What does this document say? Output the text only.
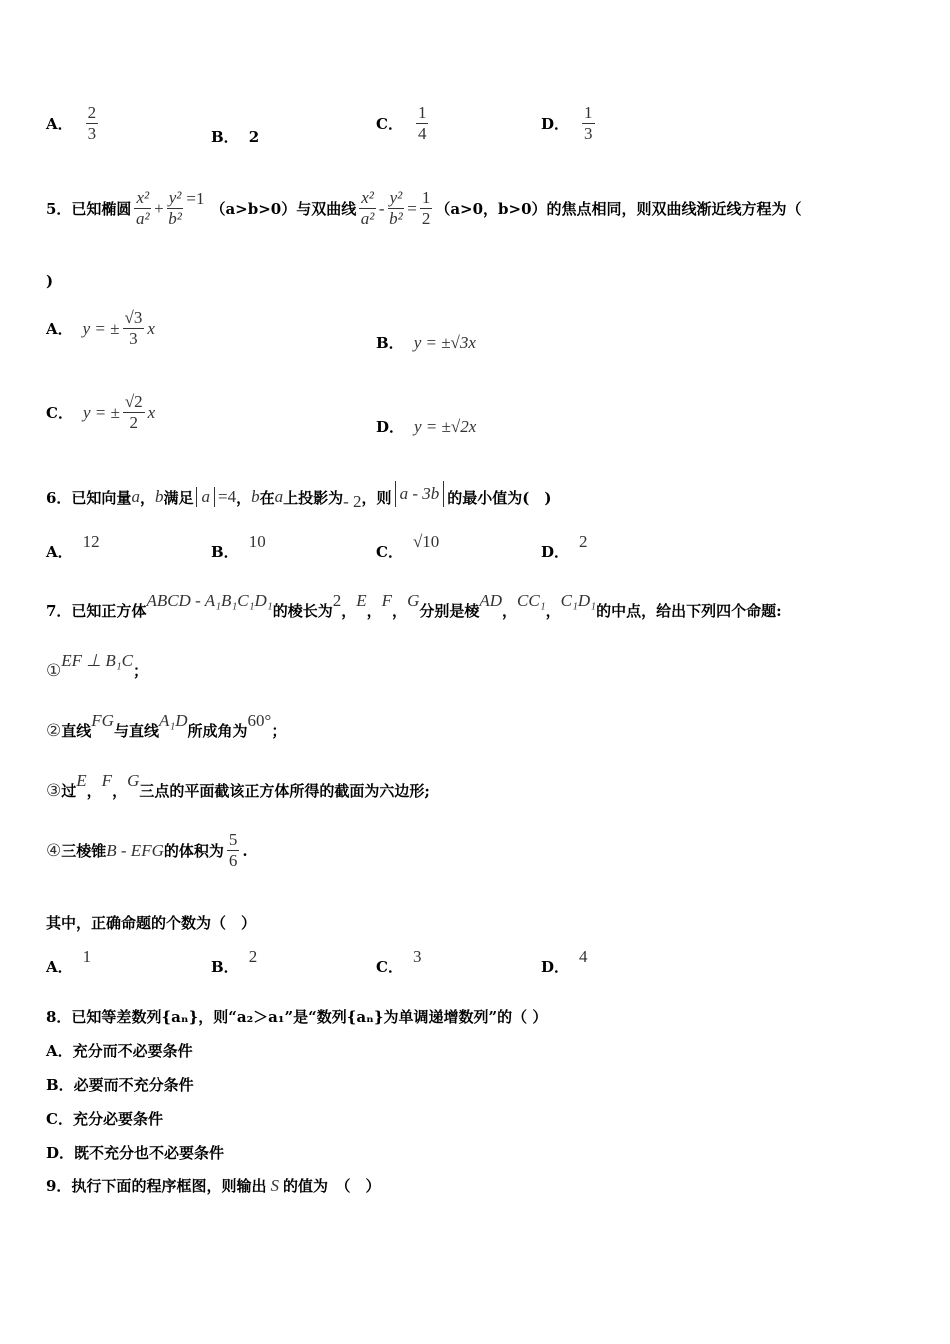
A． $\frac{2}{3}$	B． 2
C． $\frac{1}{4}$	D． $\frac{1}{3}$
5．已知椭圆 $\frac{\text{x²}}{\text{a²}} + \frac{\text{y²}}{\text{b²}} =1$
（a>b>0）与双曲线 $\frac{\text{x²}}{\text{a²}} - \frac{\text{y²}}{\text{b²}} = \frac{1}{2} (a>0$，b>0）的焦点相同，则双曲线渐近线方程为（
)
A． y = ± $\frac{√3}{3}$ x
B． y = ±√3x
C． y = ± $\frac{√2}{2}$ x
D． y = ±√2x
6．已知向量 a ， b 满足 a =4 ， b 在 a 上投影为 - 2 ，则 a - 3b 的最小值为(　)
A．
12
B．
10
C．
√10
D．
2
7．已知正方体
ABCD - A₁B₁C₁D₁
的棱长为
2
，
E
，
F
，
G
分别是棱
AD
，
CC₁
，
C₁D₁
的中点，给出下列四个命题:
①
EF ⊥ B₁C
；
② 直线
FG
与直线
A₁D
所成角为
60°
；
③ 过
E
，
F
，
G
三点的平面截该正方体所得的截面为六边形;
④ 三棱锥 B - EFG 的体积为 $\frac{5}{6}$ .
其中，正确命题的个数为（　）
A．
1
B．
2
C．
3
D．
4
8．已知等差数列{aₙ}，则“a₂＞a₁”是“数列{aₙ}为单调递增数列”的（ ）
A．充分而不必要条件
B．必要而不充分条件
C．充分必要条件
D．既不充分也不必要条件
9．执行下面的程序框图，则输出 S 的值为　（　）
